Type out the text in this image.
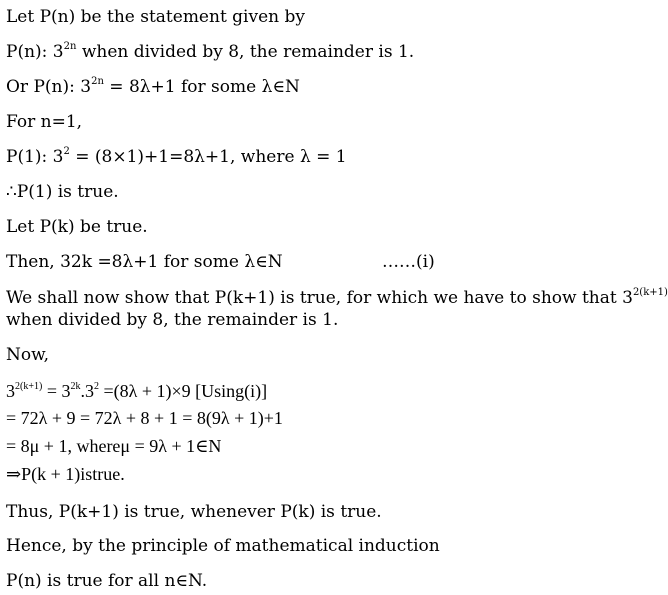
Let P(n) be the statement given by
P(n): $3^{2n}$ when divided by 8, the remainder is 1.
Or P(n): $3^{2n} = 8\lambda+1$ for some λ∈N
For n=1,
P(1): $3^2 = (8\times 1)+1=8\lambda+1$, where λ = 1
∴P(1) is true.
Let P(k) be true.
Then, 32k =8λ+1 for some λ∈N	……(i)
We shall now show that P(k+1) is true, for which we have to show that $3^{2(k+1)}$
when divided by 8, the remainder is 1.
Now,
$3^{2(k+1)} = 3^{2k}.3^2 =(8\lambda + 1)\times 9$ [Using(i)]
= 72λ + 9 = 72λ + 8 + 1 = 8(9λ + 1)+1
= 8μ + 1, whereμ = 9λ + 1∈N
⇒P(k + 1)istrue.
Thus, P(k+1) is true, whenever P(k) is true.
Hence, by the principle of mathematical induction
P(n) is true for all n∈N.
